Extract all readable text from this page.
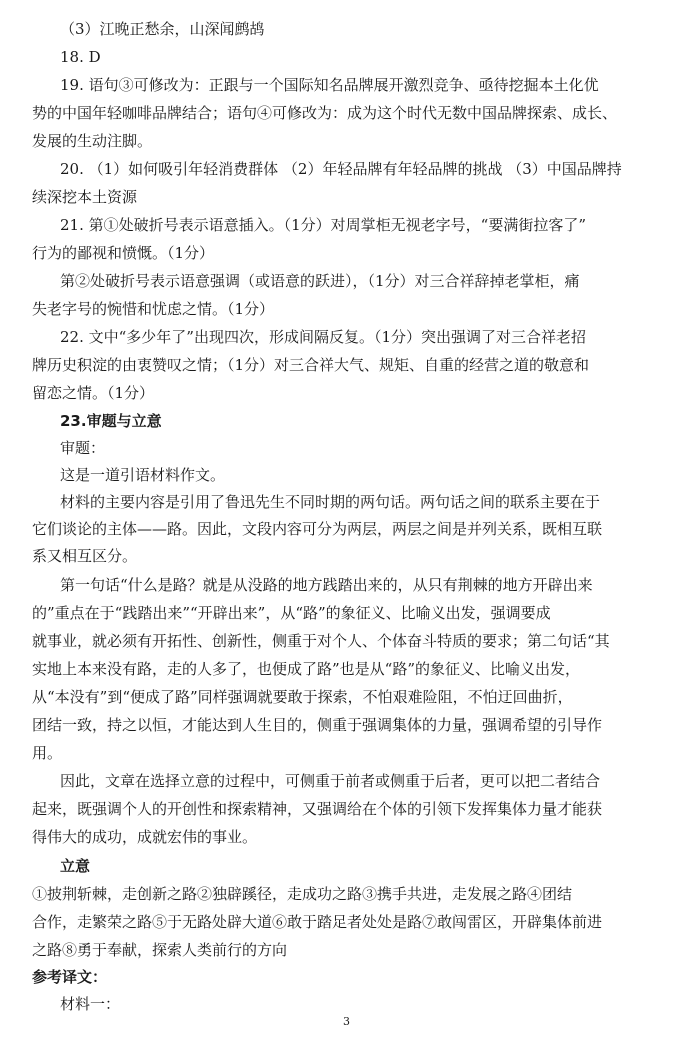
（3）江晚正愁余，山深闻鹧鸪
18. D
19. 语句③可修改为：正跟与一个国际知名品牌展开激烈竞争、亟待挖掘本土化优
势的中国年轻咖啡品牌结合；语句④可修改为：成为这个时代无数中国品牌探索、成长、
发展的生动注脚。
20. （1）如何吸引年轻消费群体 （2）年轻品牌有年轻品牌的挑战 （3）中国品牌持
续深挖本土资源
21. 第①处破折号表示语意插入。（1分）对周掌柜无视老字号，“要满街拉客了”
行为的鄙视和愤慨。（1分）
第②处破折号表示语意强调（或语意的跃进），（1分）对三合祥辞掉老掌柜，痛
失老字号的惋惜和忧虑之情。（1分）
22. 文中“多少年了”出现四次，形成间隔反复。（1分）突出强调了对三合祥老招
牌历史积淀的由衷赞叹之情；（1分）对三合祥大气、规矩、自重的经营之道的敬意和
留恋之情。（1分）
23.审题与立意
审题：
这是一道引语材料作文。
材料的主要内容是引用了鲁迅先生不同时期的两句话。两句话之间的联系主要在于
它们谈论的主体——路。因此，文段内容可分为两层，两层之间是并列关系，既相互联
系又相互区分。
第一句话“什么是路？就是从没路的地方践踏出来的，从只有荆棘的地方开辟出来
的”重点在于“践踏出来”“开辟出来”，从“路”的象征义、比喻义出发，强调要成
就事业，就必须有开拓性、创新性，侧重于对个人、个体奋斗特质的要求；第二句话“其
实地上本来没有路，走的人多了，也便成了路”也是从“路”的象征义、比喻义出发，
从“本没有”到“便成了路”同样强调就要敢于探索，不怕艰难险阻，不怕迂回曲折，
团结一致，持之以恒，才能达到人生目的，侧重于强调集体的力量，强调希望的引导作
用。
因此，文章在选择立意的过程中，可侧重于前者或侧重于后者，更可以把二者结合
起来，既强调个人的开创性和探索精神，又强调给在个体的引领下发挥集体力量才能获
得伟大的成功，成就宏伟的事业。
立意
①披荆斩棘，走创新之路②独辟蹊径，走成功之路③携手共进，走发展之路④团结
合作，走繁荣之路⑤于无路处辟大道⑥敢于踏足者处处是路⑦敢闯雷区，开辟集体前进
之路⑧勇于奉献，探索人类前行的方向
参考译文：
材料一：
3
